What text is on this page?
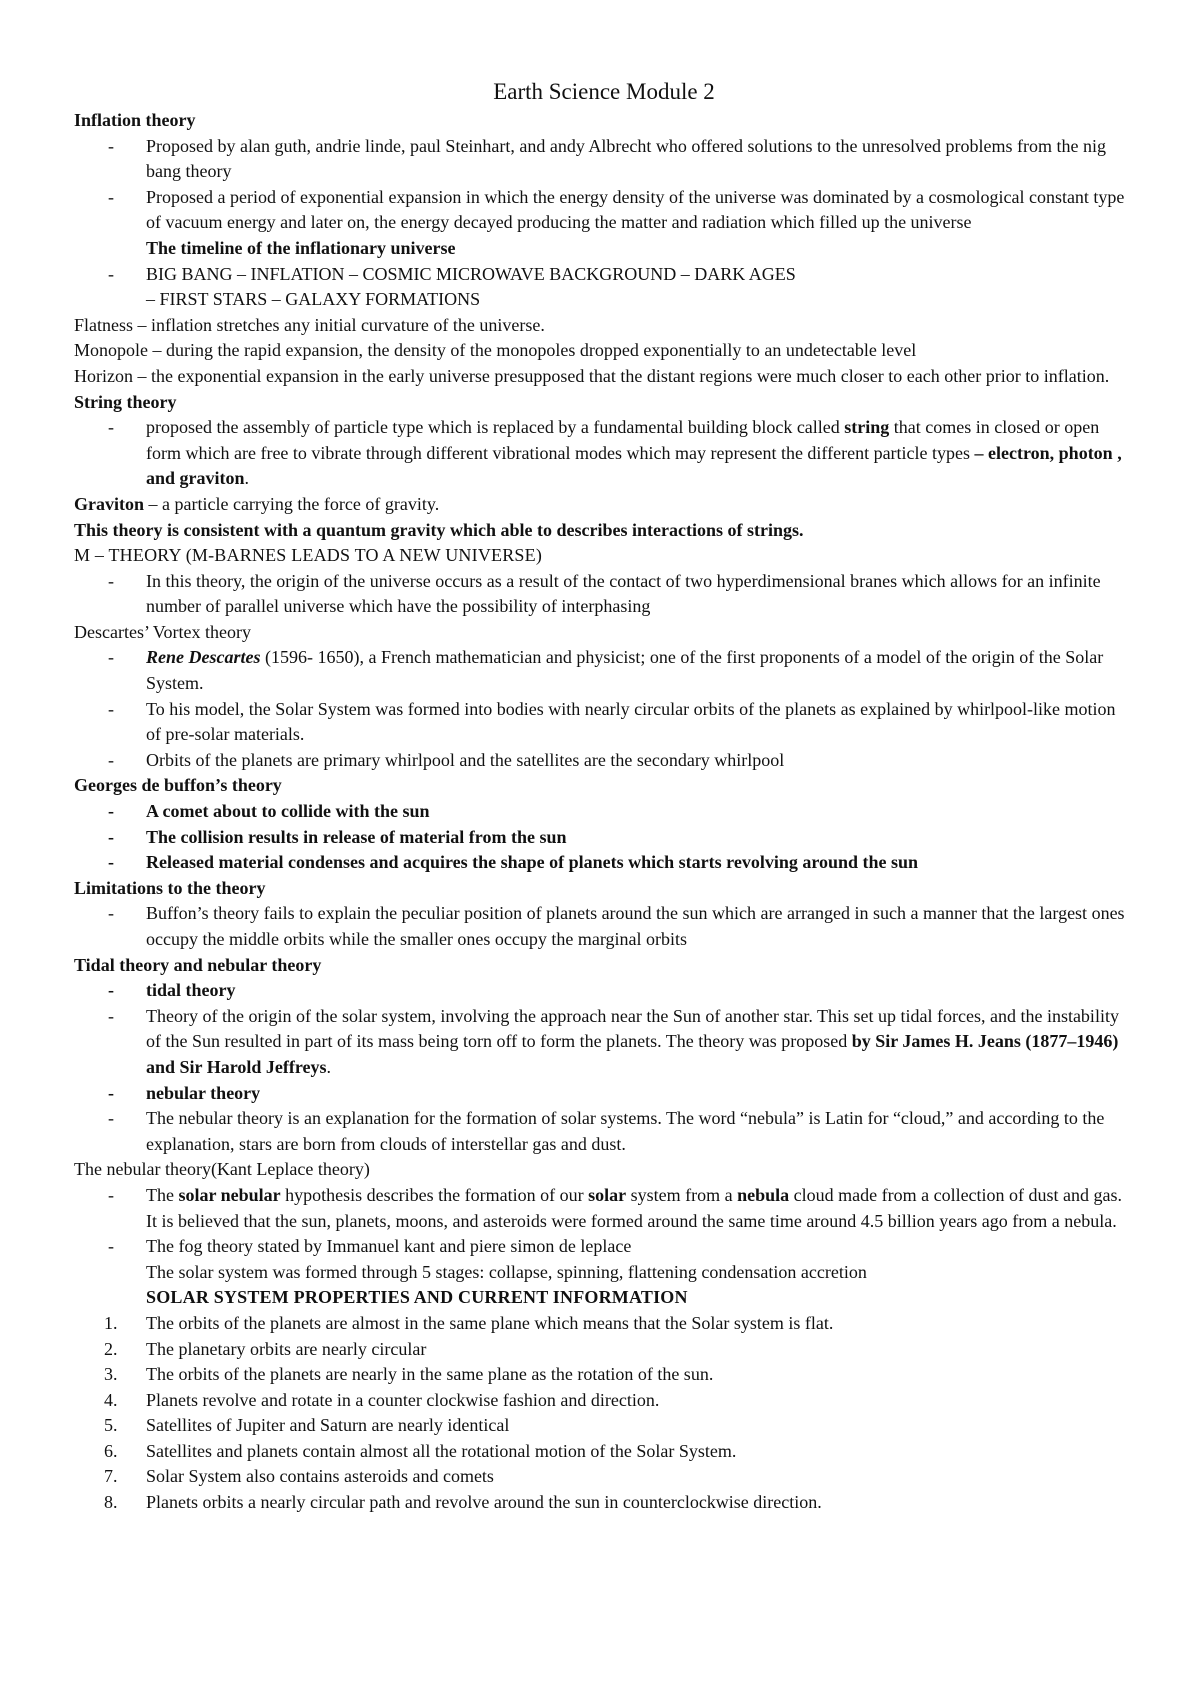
Earth Science Module 2
Inflation theory
- Proposed by alan guth, andrie linde, paul Steinhart, and andy Albrecht who offered solutions to the unresolved problems from the nig bang theory
- Proposed a period of exponential expansion in which the energy density of the universe was dominated by a cosmological constant type of vacuum energy and later on, the energy decayed producing the matter and radiation which filled up the universe
The timeline of the inflationary universe
- BIG BANG – INFLATION – COSMIC MICROWAVE BACKGROUND – DARK AGES
– FIRST STARS – GALAXY FORMATIONS
Flatness – inflation stretches any initial curvature of the universe.
Monopole – during the rapid expansion, the density of the monopoles dropped exponentially to an undetectable level
Horizon – the exponential expansion in the early universe presupposed that the distant regions were much closer to each other prior to inflation.
String theory
- proposed the assembly of particle type which is replaced by a fundamental building block called string that comes in closed or open form which are free to vibrate through different vibrational modes which may represent the different particle types – electron, photon , and graviton.
Graviton – a particle carrying the force of gravity.
This theory is consistent with a quantum gravity which able to describes interactions of strings.
M – THEORY (M-BARNES LEADS TO A NEW UNIVERSE)
- In this theory, the origin of the universe occurs as a result of the contact of two hyperdimensional branes which allows for an infinite number of parallel universe which have the possibility of interphasing
Descartes’ Vortex theory
- Rene Descartes (1596- 1650), a French mathematician and physicist; one of the first proponents of a model of the origin of the Solar System.
- To his model, the Solar System was formed into bodies with nearly circular orbits of the planets as explained by whirlpool-like motion of pre-solar materials.
- Orbits of the planets are primary whirlpool and the satellites are the secondary whirlpool
Georges de buffon’s theory
- A comet about to collide with the sun
- The collision results in release of material from the sun
- Released material condenses and acquires the shape of planets which starts revolving around the sun
Limitations to the theory
- Buffon’s theory fails to explain the peculiar position of planets around the sun which are arranged in such a manner that the largest ones occupy the middle orbits while the smaller ones occupy the marginal orbits
Tidal theory and nebular theory
- tidal theory
- Theory of the origin of the solar system, involving the approach near the Sun of another star. This set up tidal forces, and the instability of the Sun resulted in part of its mass being torn off to form the planets. The theory was proposed by Sir James H. Jeans (1877–1946) and Sir Harold Jeffreys.
- nebular theory
- The nebular theory is an explanation for the formation of solar systems. The word “nebula” is Latin for “cloud,” and according to the explanation, stars are born from clouds of interstellar gas and dust.
The nebular theory(Kant Leplace theory)
- The solar nebular hypothesis describes the formation of our solar system from a nebula cloud made from a collection of dust and gas. It is believed that the sun, planets, moons, and asteroids were formed around the same time around 4.5 billion years ago from a nebula.
- The fog theory stated by Immanuel kant and piere simon de leplace
The solar system was formed through 5 stages: collapse, spinning, flattening condensation accretion
SOLAR SYSTEM PROPERTIES AND CURRENT INFORMATION
1. The orbits of the planets are almost in the same plane which means that the Solar system is flat.
2. The planetary orbits are nearly circular
3. The orbits of the planets are nearly in the same plane as the rotation of the sun.
4. Planets revolve and rotate in a counter clockwise fashion and direction.
5. Satellites of Jupiter and Saturn are nearly identical
6. Satellites and planets contain almost all the rotational motion of the Solar System.
7. Solar System also contains asteroids and comets
8. Planets orbits a nearly circular path and revolve around the sun in counterclockwise direction.
